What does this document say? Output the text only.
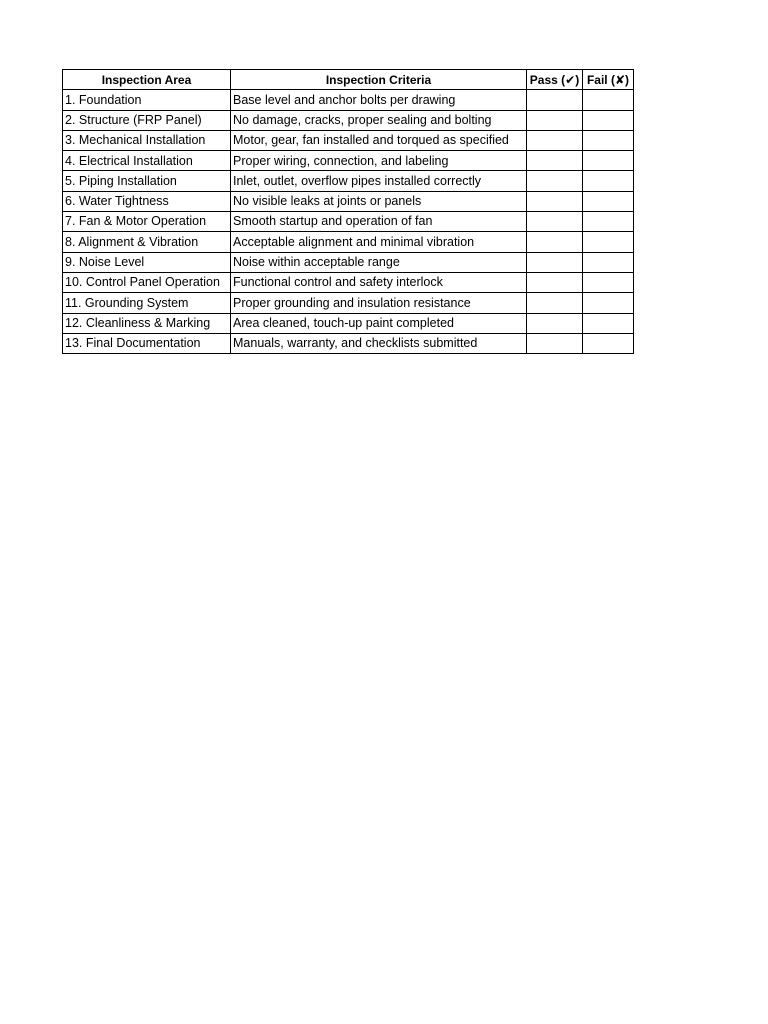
Inspection Area	Inspection Criteria	Pass (✔)	Fail (✘)
1. Foundation	Base level and anchor bolts per drawing		
2. Structure (FRP Panel)	No damage, cracks, proper sealing and bolting		
3. Mechanical Installation	Motor, gear, fan installed and torqued as specified		
4. Electrical Installation	Proper wiring, connection, and labeling		
5. Piping Installation	Inlet, outlet, overflow pipes installed correctly		
6. Water Tightness	No visible leaks at joints or panels		
7. Fan & Motor Operation	Smooth startup and operation of fan		
8. Alignment & Vibration	Acceptable alignment and minimal vibration		
9. Noise Level	Noise within acceptable range		
10. Control Panel Operation	Functional control and safety interlock		
11. Grounding System	Proper grounding and insulation resistance		
12. Cleanliness & Marking	Area cleaned, touch-up paint completed		
13. Final Documentation	Manuals, warranty, and checklists submitted		
